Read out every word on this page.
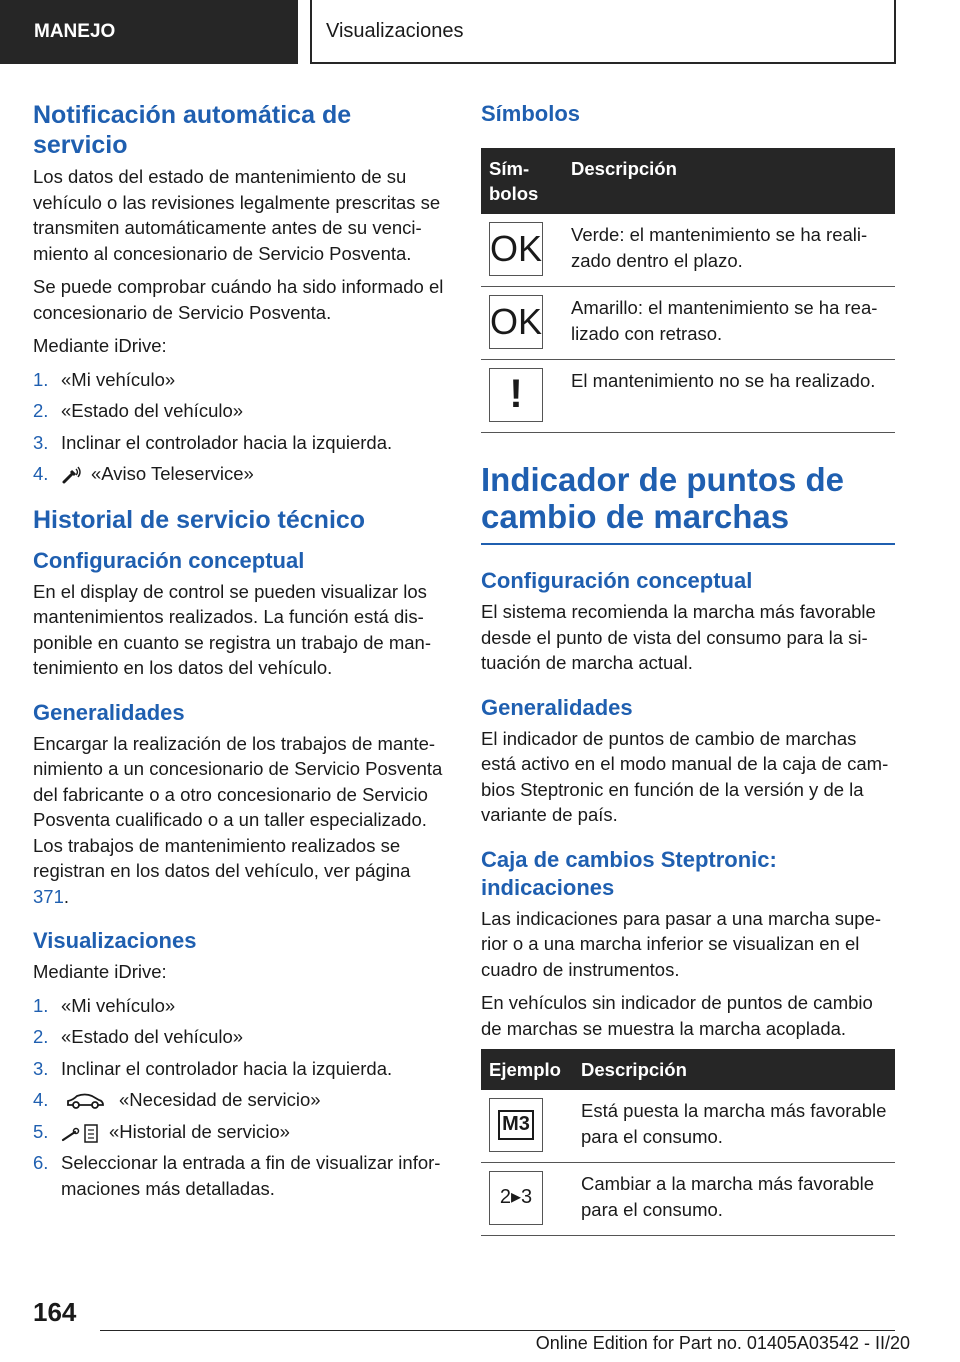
MANEJO	Visualizaciones
Notificación automática de servicio

Los datos del estado de mantenimiento de su vehículo o las revisiones legalmente prescritas se transmiten automáticamente antes de su vencimiento al concesionario de Servicio Posventa.

Se puede comprobar cuándo ha sido informado el concesionario de Servicio Posventa.

Mediante iDrive:

1. «Mi vehículo»
2. «Estado del vehículo»
3. Inclinar el controlador hacia la izquierda.
4.	«Aviso Teleservice»
Historial de servicio técnico
Configuración conceptual

En el display de control se pueden visualizar los mantenimientos realizados. La función está disponible en cuanto se registra un trabajo de mantenimiento en los datos del vehículo.

Generalidades

Encargar la realización de los trabajos de mantenimiento a un concesionario de Servicio Posventa del fabricante o a otro concesionario de Servicio Posventa cualificado o a un taller especializado. Los trabajos de mantenimiento realizados se registran en los datos del vehículo, ver página 371.

Visualizaciones

Mediante iDrive:

1. «Mi vehículo»
2. «Estado del vehículo»
3. Inclinar el controlador hacia la izquierda.
4.	«Necesidad de servicio»
5.	«Historial de servicio»
6. Seleccionar la entrada a fin de visualizar informaciones más detalladas.
Símbolos
Símbolos	Descripción

OK	Verde: el mantenimiento se ha realizado dentro el plazo.

OK	Amarillo: el mantenimiento se ha realizado con retraso.

!	El mantenimiento no se ha realizado.
Indicador de puntos de cambio de marchas
Configuración conceptual

El sistema recomienda la marcha más favorable desde el punto de vista del consumo para la situación de marcha actual.

Generalidades

El indicador de puntos de cambio de marchas está activo en el modo manual de la caja de cambios Steptronic en función de la versión y de la variante de país.

Caja de cambios Steptronic: indicaciones

Las indicaciones para pasar a una marcha superior o a una marcha inferior se visualizan en el cuadro de instrumentos.

En vehículos sin indicador de puntos de cambio de marchas se muestra la marcha acoplada.

Ejemplo	Descripción

M3	Está puesta la marcha más favorable para el consumo.

2▸3	Cambiar a la marcha más favorable para el consumo.
164
Online Edition for Part no. 01405A03542 - II/20
